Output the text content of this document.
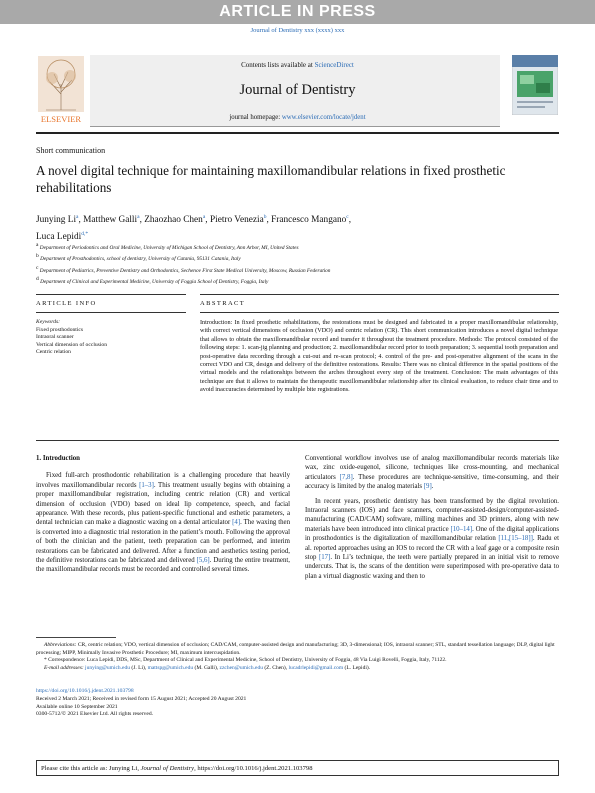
ARTICLE IN PRESS
Journal of Dentistry xxx (xxxx) xxx
ELSEVIER
Contents lists available at ScienceDirect
Journal of Dentistry
journal homepage: www.elsevier.com/locate/jdent
Short communication
A novel digital technique for maintaining maxillomandibular relations in fixed prosthetic rehabilitations
Junying Li$^a$, Matthew Galli$^a$, Zhaozhao Chen$^a$, Pietro Venezia$^b$, Francesco Mangano$^c$,
Luca Lepidi$^{d,*}$
$^a$ Department of Periodontics and Oral Medicine, University of Michigan School of Dentistry, Ann Arbor, MI, United States
$^b$ Department of Prosthodontics, school of dentistry, University of Catania, 95131 Catania, Italy
$^c$ Department of Pediatrics, Preventive Dentistry and Orthodontics, Sechenov First State Medical University, Moscow, Russian Federation
$^d$ Department of Clinical and Experimental Medicine, University of Foggia School of Dentistry, Foggia, Italy
ARTICLE INFO	ABSTRACT
Keywords:
Fixed prosthodontics
Intraoral scanner
Vertical dimension of occlusion
Centric relation
Introduction: In fixed prosthetic rehabilitations, the restorations must be designed and fabricated in a proper maxillomandibular relationship, with correct vertical dimensions of occlusion (VDO) and centric relation (CR). This short communication introduces a novel digital technique that allows to obtain the maxillomandibular record and transfer it throughout the treatment procedure. Methods: The protocol consisted of the following steps: 1. scan-jig planning and production; 2. maxillomandibular record prior to tooth preparation; 3. sequential tooth preparation and post-operative data recording through a cut-out and re-scan protocol; 4. control of the pre- and post-operative alignment of the scans in the correct VDO and CR, design and delivery of the definitive restorations. Results: There was no clinical difference in the spatial positions of the virtual models and the relationships between the arches throughout every step of the treatment. Conclusion: The main advantages of this technique are that it allows to maintain the therapeutic maxillomandibular relationship after its clinical evaluation, to reduce chair time and to avoid inaccuracies determined by multiple bite registrations.
1. Introduction

Fixed full-arch prosthodontic rehabilitation is a challenging procedure that heavily involves maxillomandibular records [1–3]. This treatment usually begins with obtaining a proper maxillomandibular registration, including centric relation (CR) and vertical dimension of occlusion (VDO) based on ideal lip competence, speech, and facial appearance. With these records, plus patient-specific functional and esthetic parameters, a dental technician can make a diagnostic waxing on a dental articulator [4]. The waxing then is converted into a diagnostic trial restoration in the patient’s mouth. Following the approval of both the clinician and the patient, teeth preparation can be performed, and interim restorations can be fabricated and delivered. After a function and aesthetics testing period, the definitive restorations can be fabricated and delivered [5,6]. During the entire treatment, the maxillomandibular records must be recorded and controlled several times.

Conventional workflow involves use of analog maxillomandibular records materials like wax, zinc oxide-eugenol, silicone, techniques like cross-mounting, and mechanical articulators [7,8]. These procedures are technique-sensitive, time-consuming, and their accuracy is limited by the analog materials [9].

In recent years, prosthetic dentistry has been transformed by the digital revolution. Intraoral scanners (IOS) and face scanners, computer-assisted-design/computer-assisted-manufacturing (CAD/CAM) software, milling machines and 3D printers, along with new materials have been introduced into clinical practice [10–14]. One of the digital applications in prosthodontics is the digitalization of maxillomandibular relation [11,[15–18]]. Radu et al. reported approaches using an IOS to record the CR with a leaf gage or a composite resin stop [17]. In Li’s technique, the teeth were partially prepared in an initial visit to remove undercuts. That is, the scans of the dentition were superimposed with pre-operative data to plan a virtual diagnostic waxing and then to

Abbreviations: CR, centric relation; VDO, vertical dimension of occlusion; CAD/CAM, computer-assisted design and manufacturing; 3D, 3-dimensional; IOS, intraoral scanner; STL, standard tessellation language; DLP, digital light processing; MIPP, Minimally Invasive Prosthetic Procedure; MI, maximum intercuspidation.

* Correspondence: Luca Lepidi, DDS, MSc, Department of Clinical and Experimental Medicine, School of Dentistry, University of Foggia, 48 Via Luigi Rovelli, Foggia, Italy, 71122.

E-mail addresses: junying@umich.edu (J. Li), mattspg@umich.edu (M. Galli), zzchen@umich.edu (Z. Chen), lucadrlepidi@gmail.com (L. Lepidi).

https://doi.org/10.1016/j.jdent.2021.103798
Received 2 March 2021; Received in revised form 15 August 2021; Accepted 20 August 2021
Available online 10 September 2021
0300-5712/© 2021 Elsevier Ltd. All rights reserved.
Please cite this article as: Junying Li, Journal of Dentistry, https://doi.org/10.1016/j.jdent.2021.103798
